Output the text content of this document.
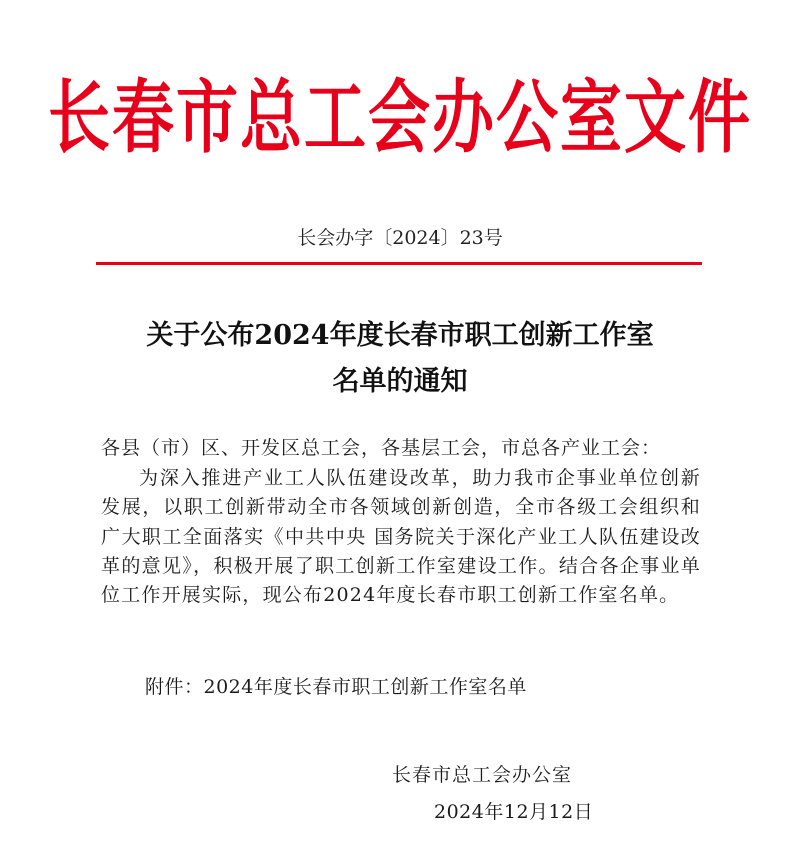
长春市总工会办公室文件
长会办字〔2024〕23号
关于公布2024年度长春市职工创新工作室
名单的通知
各县（市）区、开发区总工会，各基层工会，市总各产业工会：
为深入推进产业工人队伍建设改革，助力我市企事业单位创新发展，以职工创新带动全市各领域创新创造，全市各级工会组织和广大职工全面落实《中共中央 国务院关于深化产业工人队伍建设改革的意见》，积极开展了职工创新工作室建设工作。结合各企事业单位工作开展实际，现公布2024年度长春市职工创新工作室名单。
附件：2024年度长春市职工创新工作室名单
长春市总工会办公室
2024年12月12日
